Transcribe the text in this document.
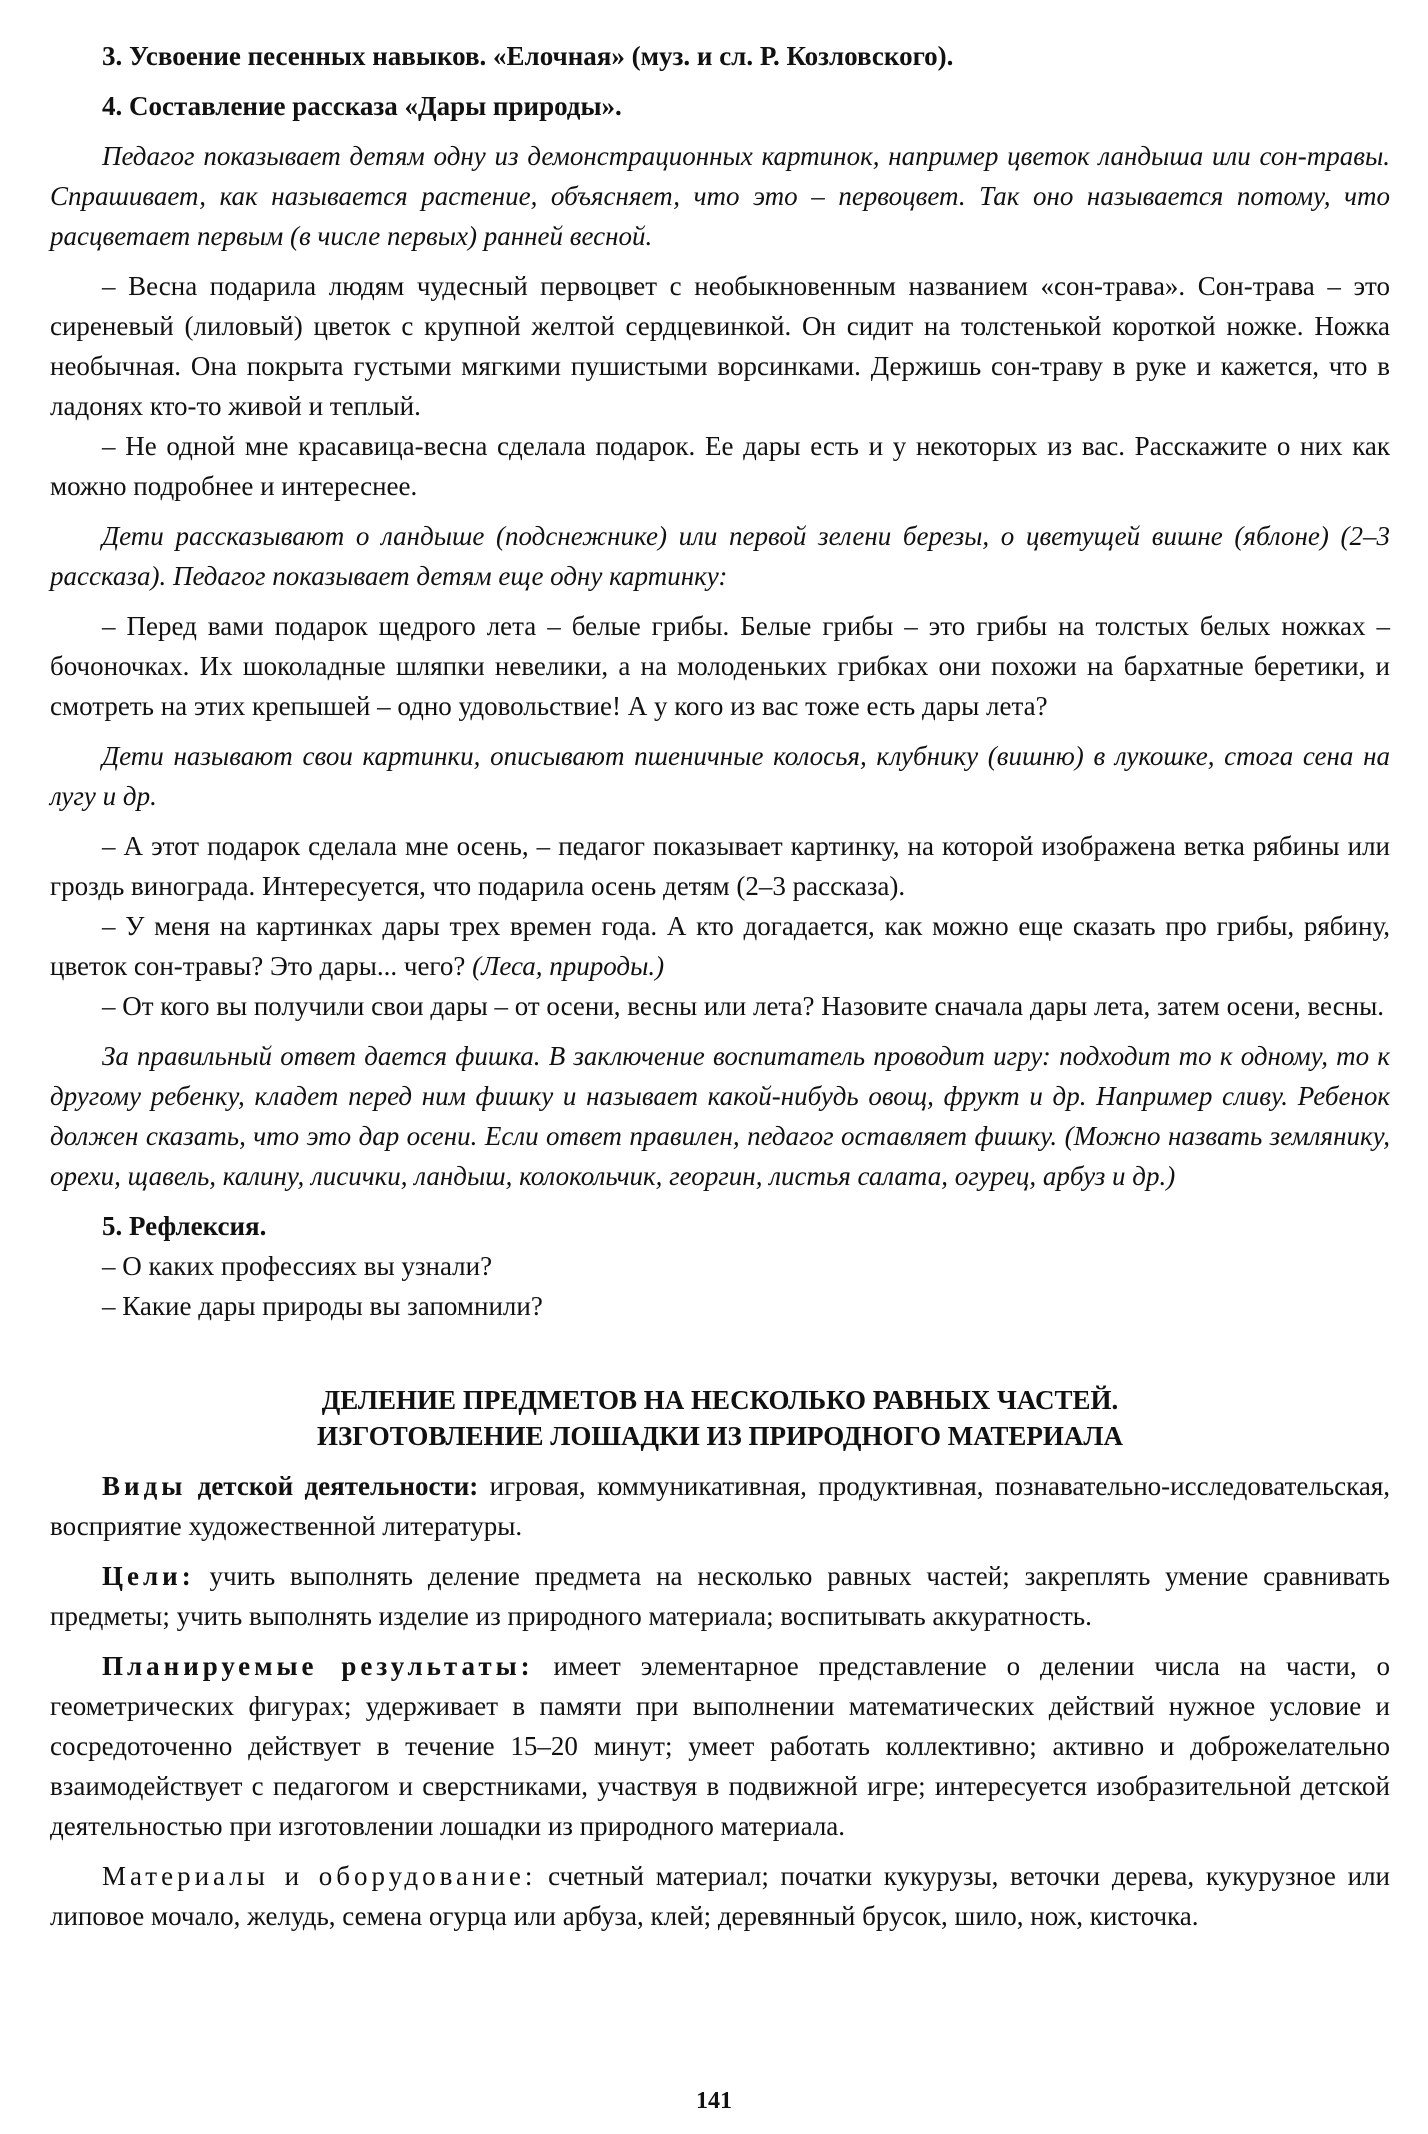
3. Усвоение песенных навыков. «Елочная» (муз. и сл. Р. Козловского).

4. Составление рассказа «Дары природы».

Педагог показывает детям одну из демонстрационных картинок, например цветок ландыша или сон-травы. Спрашивает, как называется растение, объясняет, что это – первоцвет. Так оно называется потому, что расцветает первым (в числе первых) ранней весной.

– Весна подарила людям чудесный первоцвет с необыкновенным названием «сон-трава». Сон-трава – это сиреневый (лиловый) цветок с крупной желтой сердцевинкой. Он сидит на толстенькой короткой ножке. Ножка необычная. Она покрыта густыми мягкими пушистыми ворсинками. Держишь сон-траву в руке и кажется, что в ладонях кто-то живой и теплый.

– Не одной мне красавица-весна сделала подарок. Ее дары есть и у некоторых из вас. Расскажите о них как можно подробнее и интереснее.

Дети рассказывают о ландыше (подснежнике) или первой зелени березы, о цветущей вишне (яблоне) (2–3 рассказа). Педагог показывает детям еще одну картинку:

– Перед вами подарок щедрого лета – белые грибы. Белые грибы – это грибы на толстых белых ножках – бочоночках. Их шоколадные шляпки невелики, а на молоденьких грибках они похожи на бархатные беретики, и смотреть на этих крепышей – одно удовольствие! А у кого из вас тоже есть дары лета?

Дети называют свои картинки, описывают пшеничные колосья, клубнику (вишню) в лукошке, стога сена на лугу и др.

– А этот подарок сделала мне осень, – педагог показывает картинку, на которой изображена ветка рябины или гроздь винограда. Интересуется, что подарила осень детям (2–3 рассказа).

– У меня на картинках дары трех времен года. А кто догадается, как можно еще сказать про грибы, рябину, цветок сон-травы? Это дары... чего? (Леса, природы.)

– От кого вы получили свои дары – от осени, весны или лета? Назовите сначала дары лета, затем осени, весны.

За правильный ответ дается фишка. В заключение воспитатель проводит игру: подходит то к одному, то к другому ребенку, кладет перед ним фишку и называет какой-нибудь овощ, фрукт и др. Например сливу. Ребенок должен сказать, что это дар осени. Если ответ правилен, педагог оставляет фишку. (Можно назвать землянику, орехи, щавель, калину, лисички, ландыш, колокольчик, георгин, листья салата, огурец, арбуз и др.)

5. Рефлексия.

– О каких профессиях вы узнали?

– Какие дары природы вы запомнили?

ДЕЛЕНИЕ ПРЕДМЕТОВ НА НЕСКОЛЬКО РАВНЫХ ЧАСТЕЙ.

ИЗГОТОВЛЕНИЕ ЛОШАДКИ ИЗ ПРИРОДНОГО МАТЕРИАЛА

Виды детской деятельности: игровая, коммуникативная, продуктивная, познавательно-исследовательская, восприятие художественной литературы.

Цели: учить выполнять деление предмета на несколько равных частей; закреплять умение сравнивать предметы; учить выполнять изделие из природного материала; воспитывать аккуратность.

Планируемые результаты: имеет элементарное представление о делении числа на части, о геометрических фигурах; удерживает в памяти при выполнении математических действий нужное условие и сосредоточенно действует в течение 15–20 минут; умеет работать коллективно; активно и доброжелательно взаимодействует с педагогом и сверстниками, участвуя в подвижной игре; интересуется изобразительной детской деятельностью при изготовлении лошадки из природного материала.

Материалы и оборудование: счетный материал; початки кукурузы, веточки дерева, кукурузное или липовое мочало, желудь, семена огурца или арбуза, клей; деревянный брусок, шило, нож, кисточка.

141
